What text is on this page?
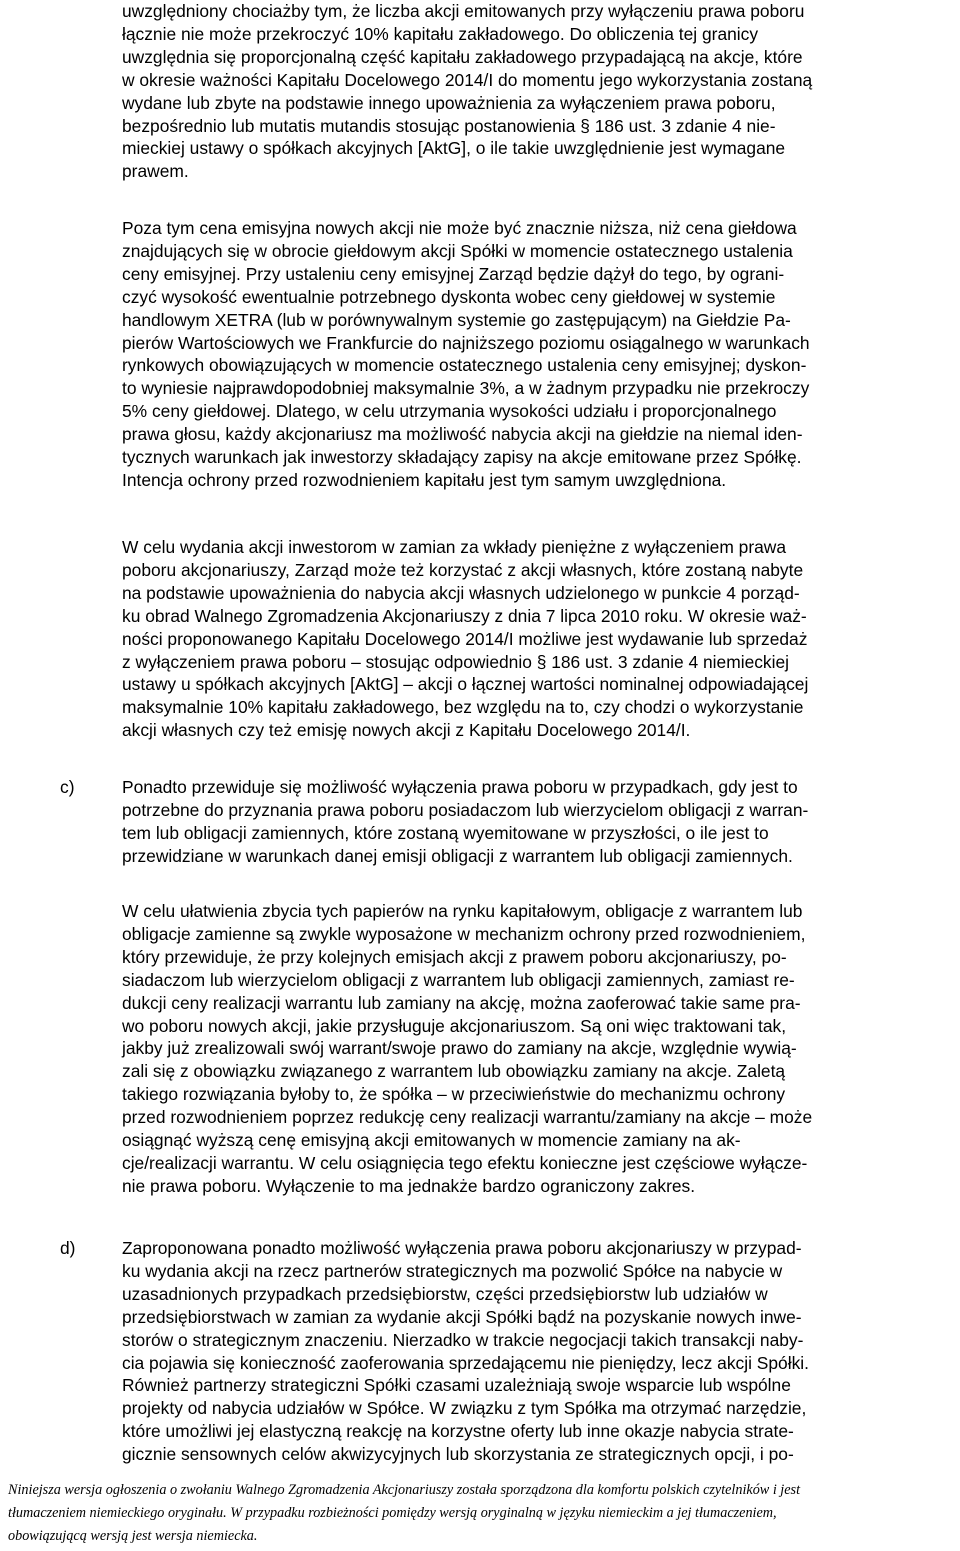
uwzględniony chociażby tym, że liczba akcji emitowanych przy wyłączeniu prawa poboru
łącznie nie może przekroczyć 10% kapitału zakładowego. Do obliczenia tej granicy
uwzględnia się proporcjonalną część kapitału zakładowego przypadającą na akcje, które
w okresie ważności Kapitału Docelowego 2014/I do momentu jego wykorzystania zostaną
wydane lub zbyte na podstawie innego upoważnienia za wyłączeniem prawa poboru,
bezpośrednio lub mutatis mutandis stosując postanowienia § 186 ust. 3 zdanie 4 nie-
mieckiej ustawy o spółkach akcyjnych [AktG], o ile takie uwzględnienie jest wymagane
prawem.

Poza tym cena emisyjna nowych akcji nie może być znacznie niższa, niż cena giełdowa
znajdujących się w obrocie giełdowym akcji Spółki w momencie ostatecznego ustalenia
ceny emisyjnej. Przy ustaleniu ceny emisyjnej Zarząd będzie dążył do tego, by ograni-
czyć wysokość ewentualnie potrzebnego dyskonta wobec ceny giełdowej w systemie
handlowym XETRA (lub w porównywalnym systemie go zastępującym) na Giełdzie Pa-
pierów Wartościowych we Frankfurcie do najniższego poziomu osiągalnego w warunkach
rynkowych obowiązujących w momencie ostatecznego ustalenia ceny emisyjnej; dyskon-
to wyniesie najprawdopodobniej maksymalnie 3%, a w żadnym przypadku nie przekroczy
5% ceny giełdowej. Dlatego, w celu utrzymania wysokości udziału i proporcjonalnego
prawa głosu, każdy akcjonariusz ma możliwość nabycia akcji na giełdzie na niemal iden-
tycznych warunkach jak inwestorzy składający zapisy na akcje emitowane przez Spółkę.
Intencja ochrony przed rozwodnieniem kapitału jest tym samym uwzględniona.

W celu wydania akcji inwestorom w zamian za wkłady pieniężne z wyłączeniem prawa
poboru akcjonariuszy, Zarząd może też korzystać z akcji własnych, które zostaną nabyte
na podstawie upoważnienia do nabycia akcji własnych udzielonego w punkcie 4 porząd-
ku obrad Walnego Zgromadzenia Akcjonariuszy z dnia 7 lipca 2010 roku. W okresie waż-
ności proponowanego Kapitału Docelowego 2014/I możliwe jest wydawanie lub sprzedaż
z wyłączeniem prawa poboru – stosując odpowiednio § 186 ust. 3 zdanie 4 niemieckiej
ustawy u spółkach akcyjnych [AktG] – akcji o łącznej wartości nominalnej odpowiadającej
maksymalnie 10% kapitału zakładowego, bez względu na to, czy chodzi o wykorzystanie
akcji własnych czy też emisję nowych akcji z Kapitału Docelowego 2014/I.

c)	Ponadto przewiduje się możliwość wyłączenia prawa poboru w przypadkach, gdy jest to
potrzebne do przyznania prawa poboru posiadaczom lub wierzycielom obligacji z warran-
tem lub obligacji zamiennych, które zostaną wyemitowane w przyszłości, o ile jest to
przewidziane w warunkach danej emisji obligacji z warrantem lub obligacji zamiennych.

W celu ułatwienia zbycia tych papierów na rynku kapitałowym, obligacje z warrantem lub
obligacje zamienne są zwykle wyposażone w mechanizm ochrony przed rozwodnieniem,
który przewiduje, że przy kolejnych emisjach akcji z prawem poboru akcjonariuszy, po-
siadaczom lub wierzycielom obligacji z warrantem lub obligacji zamiennych, zamiast re-
dukcji ceny realizacji warrantu lub zamiany na akcję, można zaoferować takie same pra-
wo poboru nowych akcji, jakie przysługuje akcjonariuszom. Są oni więc traktowani tak,
jakby już zrealizowali swój warrant/swoje prawo do zamiany na akcje, względnie wywią-
zali się z obowiązku związanego z warrantem lub obowiązku zamiany na akcje. Zaletą
takiego rozwiązania byłoby to, że spółka – w przeciwieństwie do mechanizmu ochrony
przed rozwodnieniem poprzez redukcję ceny realizacji warrantu/zamiany na akcje – może
osiągnąć wyższą cenę emisyjną akcji emitowanych w momencie zamiany na ak-
cje/realizacji warrantu. W celu osiągnięcia tego efektu konieczne jest częściowe wyłącze-
nie prawa poboru. Wyłączenie to ma jednakże bardzo ograniczony zakres.

d)	Zaproponowana ponadto możliwość wyłączenia prawa poboru akcjonariuszy w przypad-
ku wydania akcji na rzecz partnerów strategicznych ma pozwolić Spółce na nabycie w
uzasadnionych przypadkach przedsiębiorstw, części przedsiębiorstw lub udziałów w
przedsiębiorstwach w zamian za wydanie akcji Spółki bądź na pozyskanie nowych inwe-
storów o strategicznym znaczeniu. Nierzadko w trakcie negocjacji takich transakcji naby-
cia pojawia się konieczność zaoferowania sprzedającemu nie pieniędzy, lecz akcji Spółki.
Również partnerzy strategiczni Spółki czasami uzależniają swoje wsparcie lub wspólne
projekty od nabycia udziałów w Spółce. W związku z tym Spółka ma otrzymać narzędzie,
które umożliwi jej elastyczną reakcję na korzystne oferty lub inne okazje nabycia strate-
gicznie sensownych celów akwizycyjnych lub skorzystania ze strategicznych opcji, i po-

Niniejsza wersja ogłoszenia o zwołaniu Walnego Zgromadzenia Akcjonariuszy została sporządzona dla komfortu polskich czytelników i jest
tłumaczeniem niemieckiego oryginału. W przypadku rozbieżności pomiędzy wersją oryginalną w języku niemieckim a jej tłumaczeniem,
obowiązującą wersją jest wersja niemiecka.
